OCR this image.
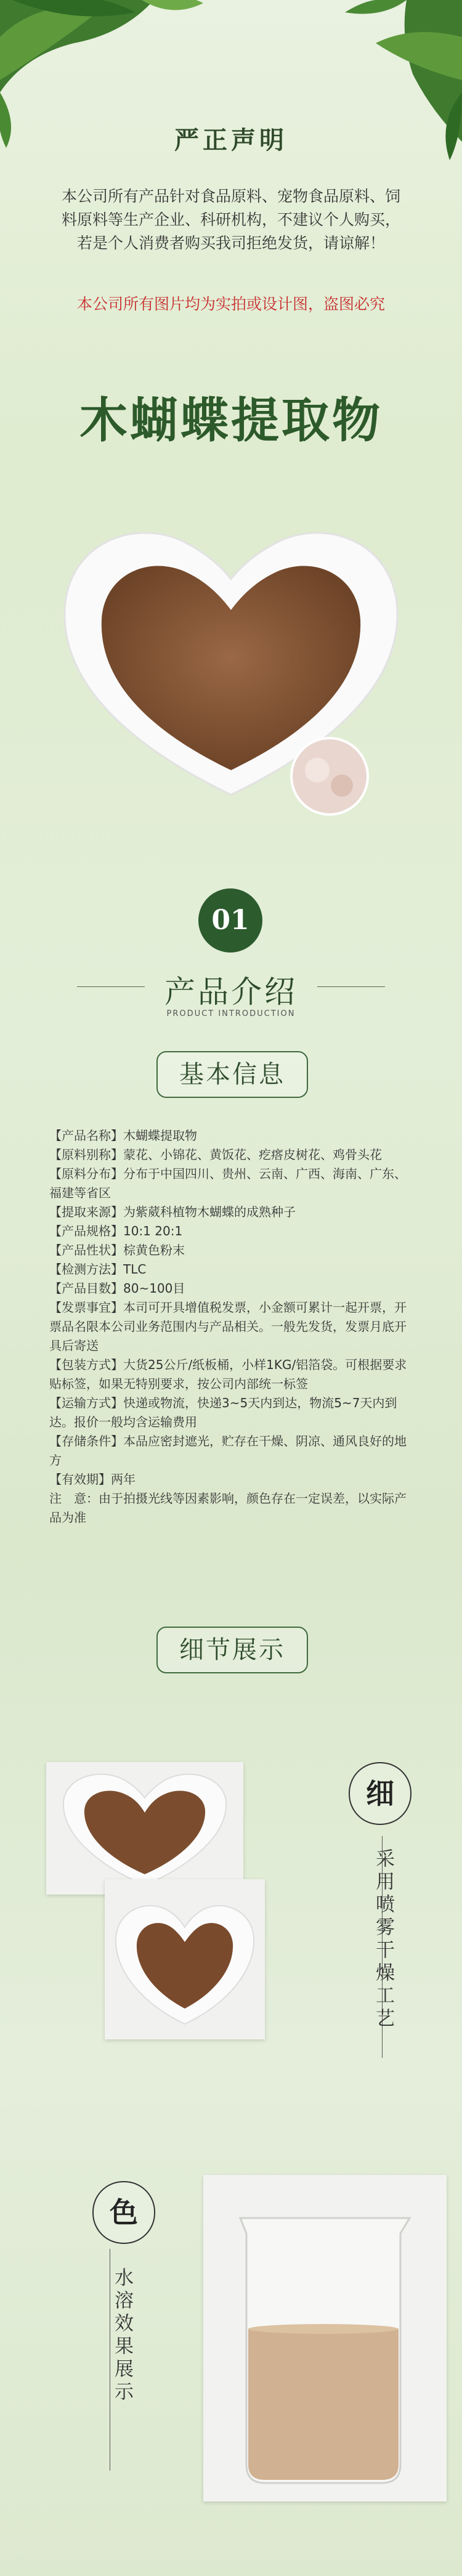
严正声明
本公司所有产品针对食品原料、宠物食品原料、饲料原料等生产企业、科研机构，不建议个人购买，若是个人消费者购买我司拒绝发货，请谅解！
本公司所有图片均为实拍或设计图，盗图必究
木蝴蝶提取物
01
产品介绍
PRODUCT INTRODUCTION
基本信息

【产品名称】木蝴蝶提取物

【原料别称】蒙花、小锦花、黄饭花、疙瘩皮树花、鸡骨头花

【原料分布】分布于中国四川、贵州、云南、广西、海南、广东、福建等省区

【提取来源】为紫葳科植物木蝴蝶的成熟种子

【产品规格】10:1 20:1

【产品性状】棕黄色粉末

【检测方法】TLC

【产品目数】80~100目

【发票事宜】本司可开具增值税发票，小金额可累计一起开票，开票品名限本公司业务范围内与产品相关。一般先发货，发票月底开具后寄送

【包装方式】大货25公斤/纸板桶，小样1KG/铝箔袋。可根据要求贴标签，如果无特别要求，按公司内部统一标签

【运输方式】快递或物流，快递3~5天内到达，物流5~7天内到达。报价一般均含运输费用

【存储条件】本品应密封遮光，贮存在干燥、阴凉、通风良好的地方

【有效期】两年

注　意：由于拍摄光线等因素影响，颜色存在一定误差，以实际产品为准

细节展示
细
采用喷雾干燥工艺
色
水溶效果展示
